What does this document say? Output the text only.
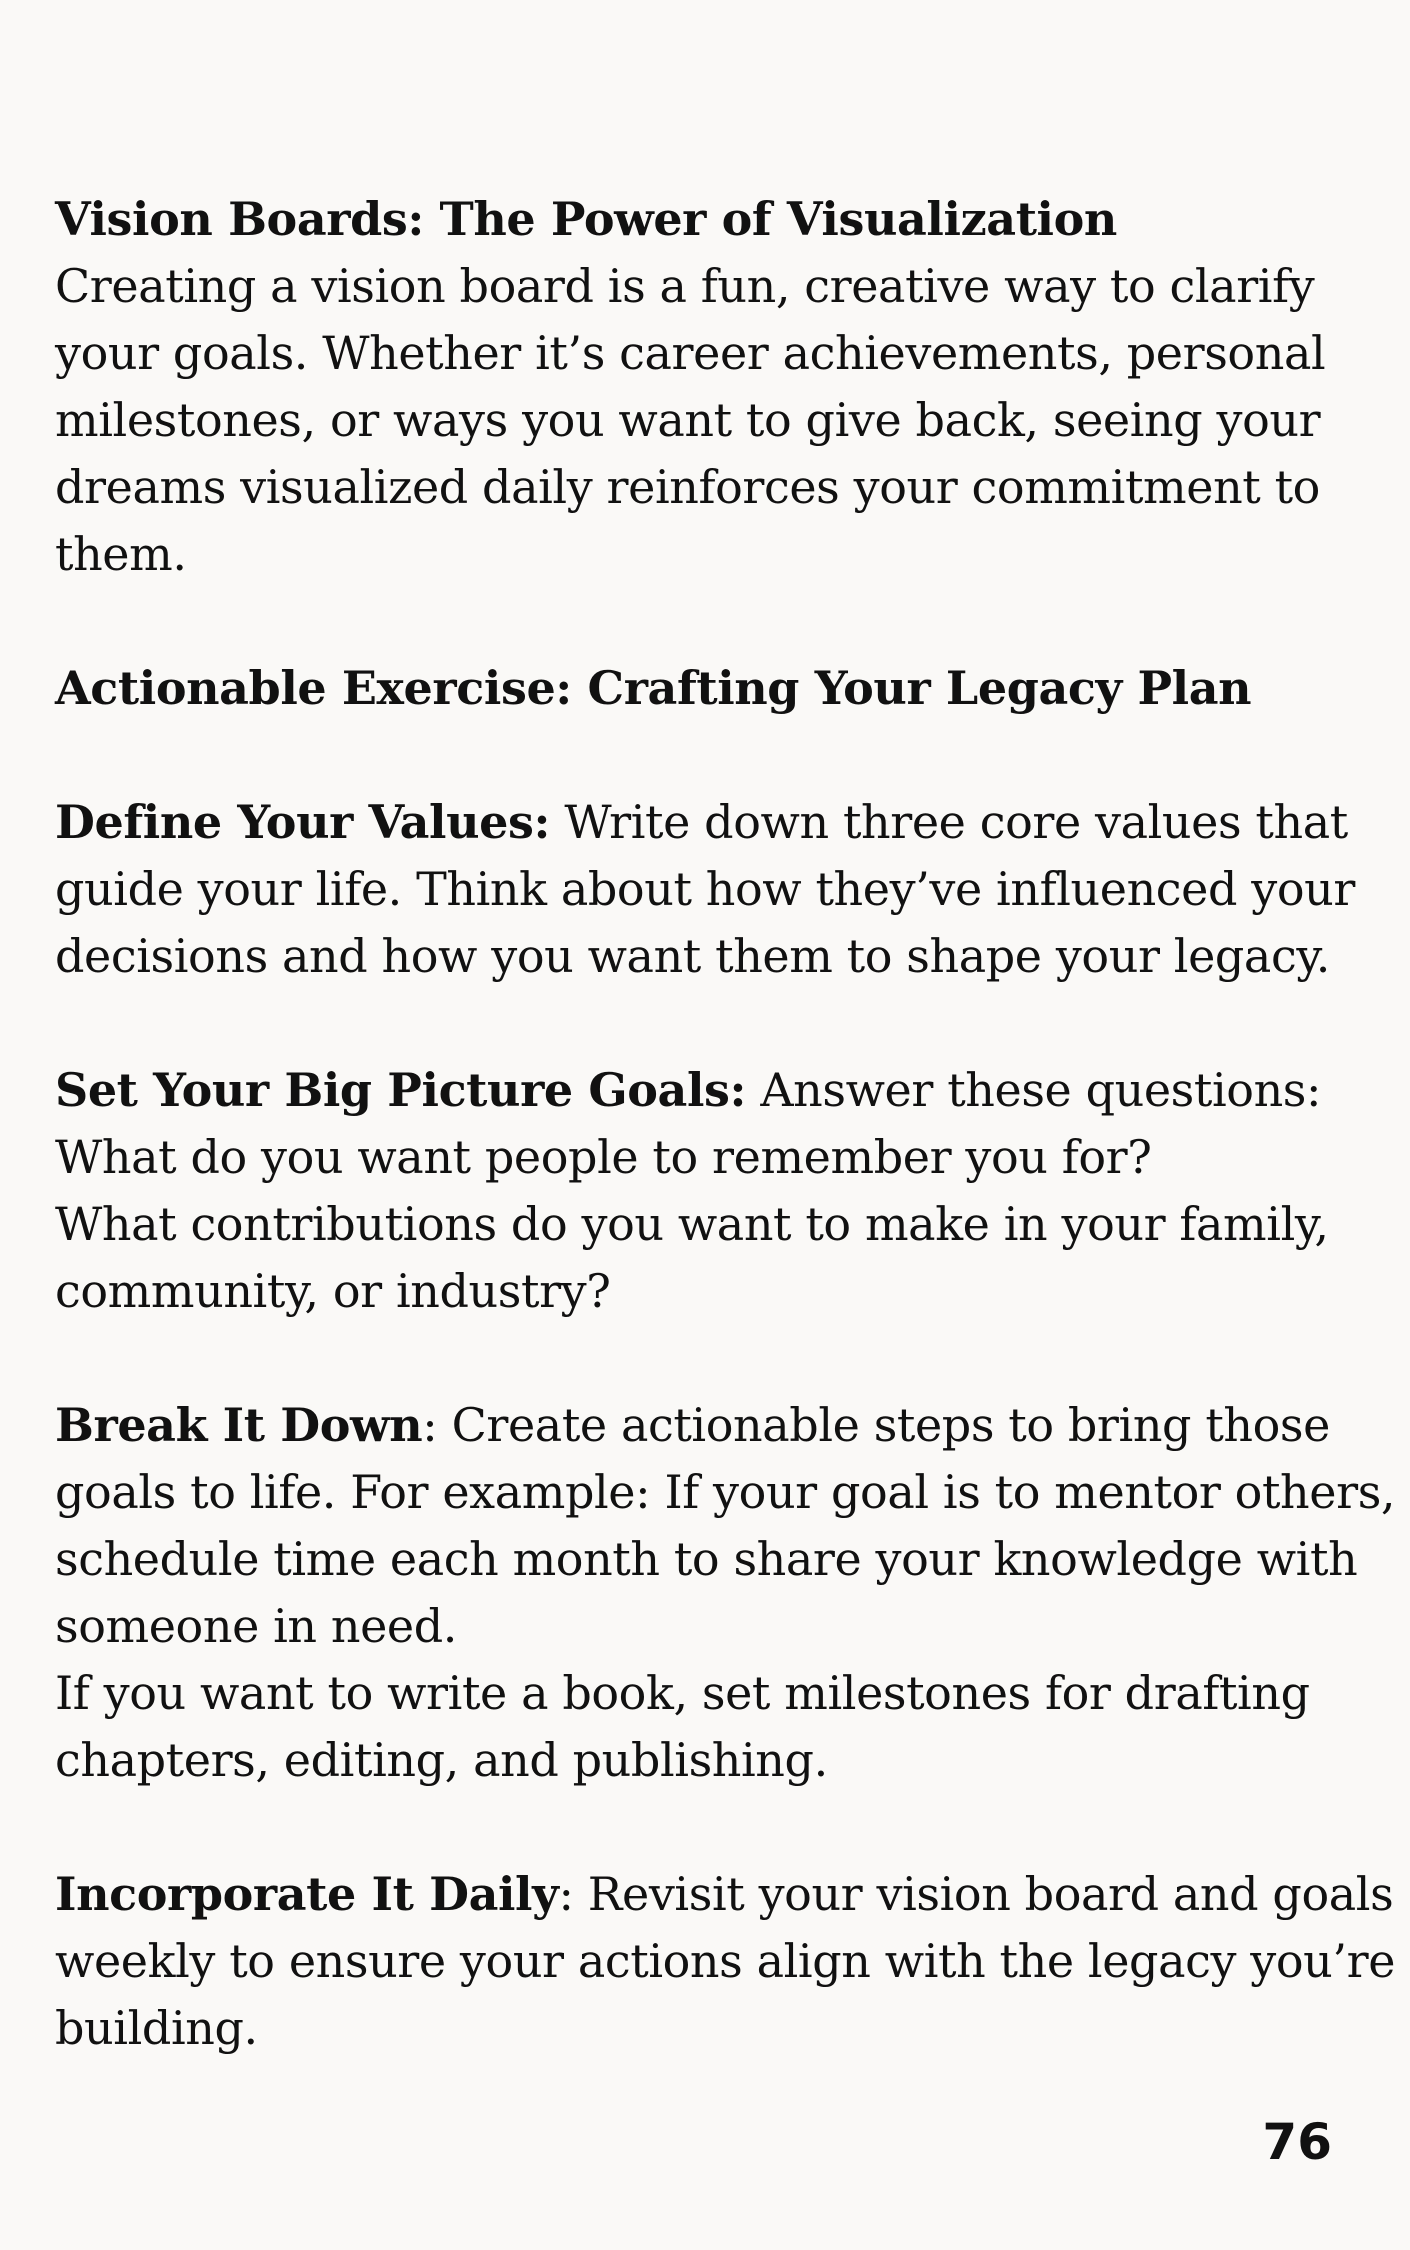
Vision Boards: The Power of Visualization
Creating a vision board is a fun, creative way to clarify
your goals. Whether it’s career achievements, personal
milestones, or ways you want to give back, seeing your
dreams visualized daily reinforces your commitment to
them.
Actionable Exercise: Crafting Your Legacy Plan
Define Your Values: Write down three core values that
guide your life. Think about how they’ve influenced your
decisions and how you want them to shape your legacy.
Set Your Big Picture Goals: Answer these questions:
What do you want people to remember you for?
What contributions do you want to make in your family,
community, or industry?
Break It Down: Create actionable steps to bring those
goals to life. For example: If your goal is to mentor others,
schedule time each month to share your knowledge with
someone in need.
If you want to write a book, set milestones for drafting
chapters, editing, and publishing.
Incorporate It Daily: Revisit your vision board and goals
weekly to ensure your actions align with the legacy you’re
building.
76
